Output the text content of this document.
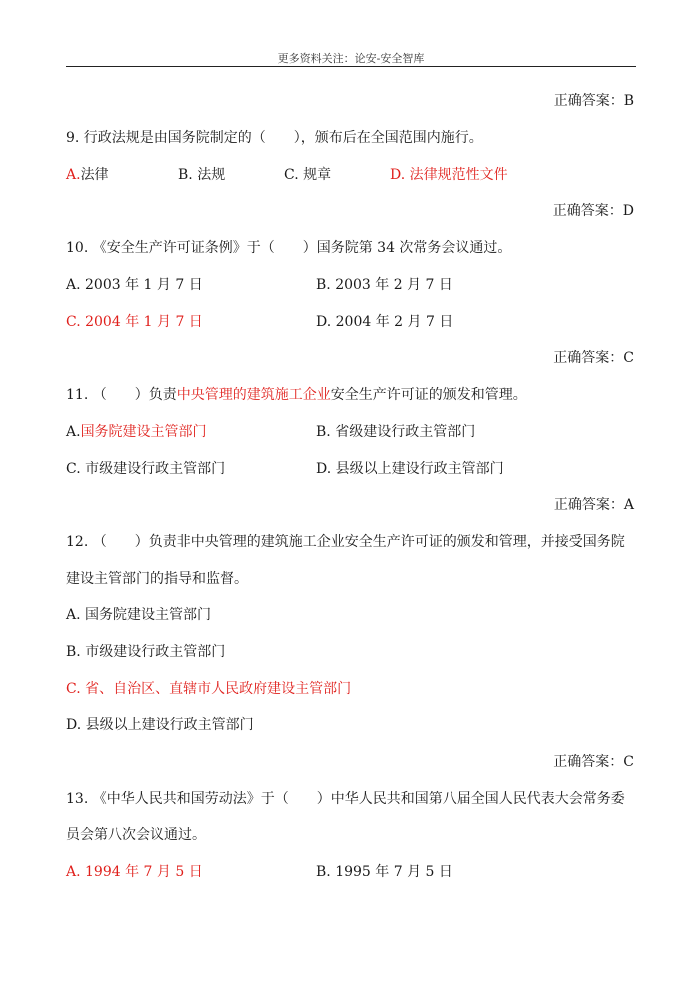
更多资料关注：论安-安全智库
正确答案：B
9. 行政法规是由国务院制定的（　　），颁布后在全国范围内施行。
A.法律	B. 法规	C. 规章	D. 法律规范性文件
正确答案：D
10. 《安全生产许可证条例》于（　　）国务院第 34 次常务会议通过。
A. 2003 年 1 月 7 日	B. 2003 年 2 月 7 日
C. 2004 年 1 月 7 日	D. 2004 年 2 月 7 日
正确答案：C
11. （　　）负责中央管理的建筑施工企业安全生产许可证的颁发和管理。
A.国务院建设主管部门	B. 省级建设行政主管部门
C. 市级建设行政主管部门	D. 县级以上建设行政主管部门
正确答案：A
12. （　　）负责非中央管理的建筑施工企业安全生产许可证的颁发和管理，并接受国务院
建设主管部门的指导和监督。
A. 国务院建设主管部门
B. 市级建设行政主管部门
C. 省、自治区、直辖市人民政府建设主管部门
D. 县级以上建设行政主管部门
正确答案：C
13. 《中华人民共和国劳动法》于（　　）中华人民共和国第八届全国人民代表大会常务委
员会第八次会议通过。
A. 1994 年 7 月 5 日	B. 1995 年 7 月 5 日
